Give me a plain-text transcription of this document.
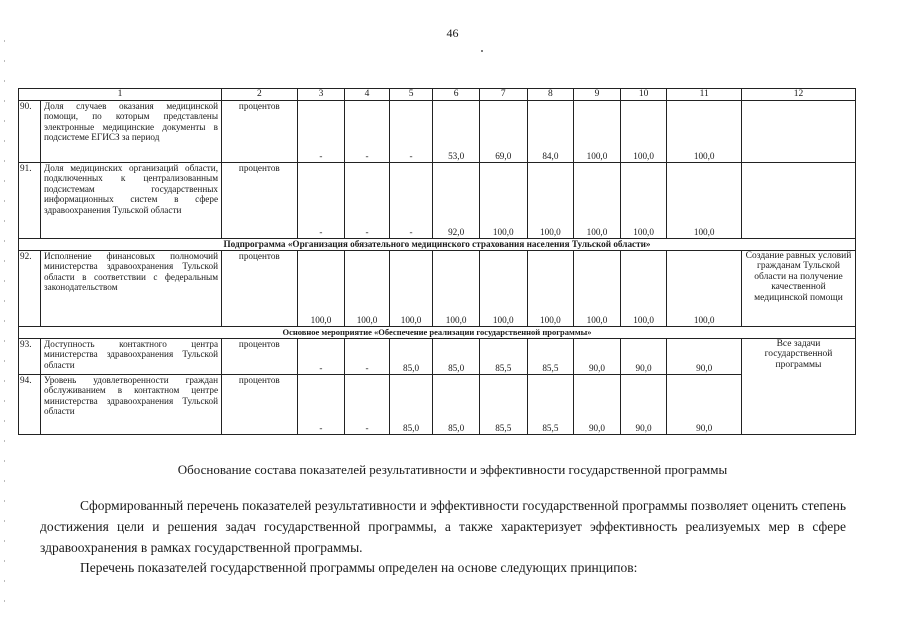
46
1	2	3	4	5	6	7	8	9	10	11	12

90. Доля случаев оказания медицинской помощи, по которым представлены электронные медицинские документы в подсистеме ЕГИСЗ за период	процентов	-	-	-	53,0	69,0	84,0	100,0	100,0	100,0	

91. Доля медицинских организаций области, подключенных к централизованным подсистемам государственных информационных систем в сфере здравоохранения Тульской области	процентов	-	-	-	92,0	100,0	100,0	100,0	100,0	100,0	
Подпрограмма «Организация обязательного медицинского страхования населения Тульской области»											

92. Исполнение финансовых полномочий министерства здравоохранения Тульской области в соответствии с федеральным законодательством	процентов	100,0	100,0	100,0	100,0	100,0	100,0	100,0	100,0	100,0	Создание равных условий гражданам Тульской области на получение качественной медицинской помощи
Основное мероприятие «Обеспечение реализации государственной программы»											

93. Доступность контактного центра министерства здравоохранения Тульской области	процентов	-	-	85,0	85,0	85,5	85,5	90,0	90,0	90,0	Все задачи государственной программы

94. Уровень удовлетворенности граждан обслуживанием в контактном центре министерства здравоохранения Тульской области	процентов	-	-	85,0	85,0	85,5	85,5	90,0	90,0	90,0	
Обоснование состава показателей результативности и эффективности государственной программы
Сформированный перечень показателей результативности и эффективности государственной программы позволяет оценить степень достижения цели и решения задач государственной программы, а также характеризует эффективность реализуемых мер в сфере здравоохранения в рамках государственной программы.
Перечень показателей государственной программы определен на основе следующих принципов:
